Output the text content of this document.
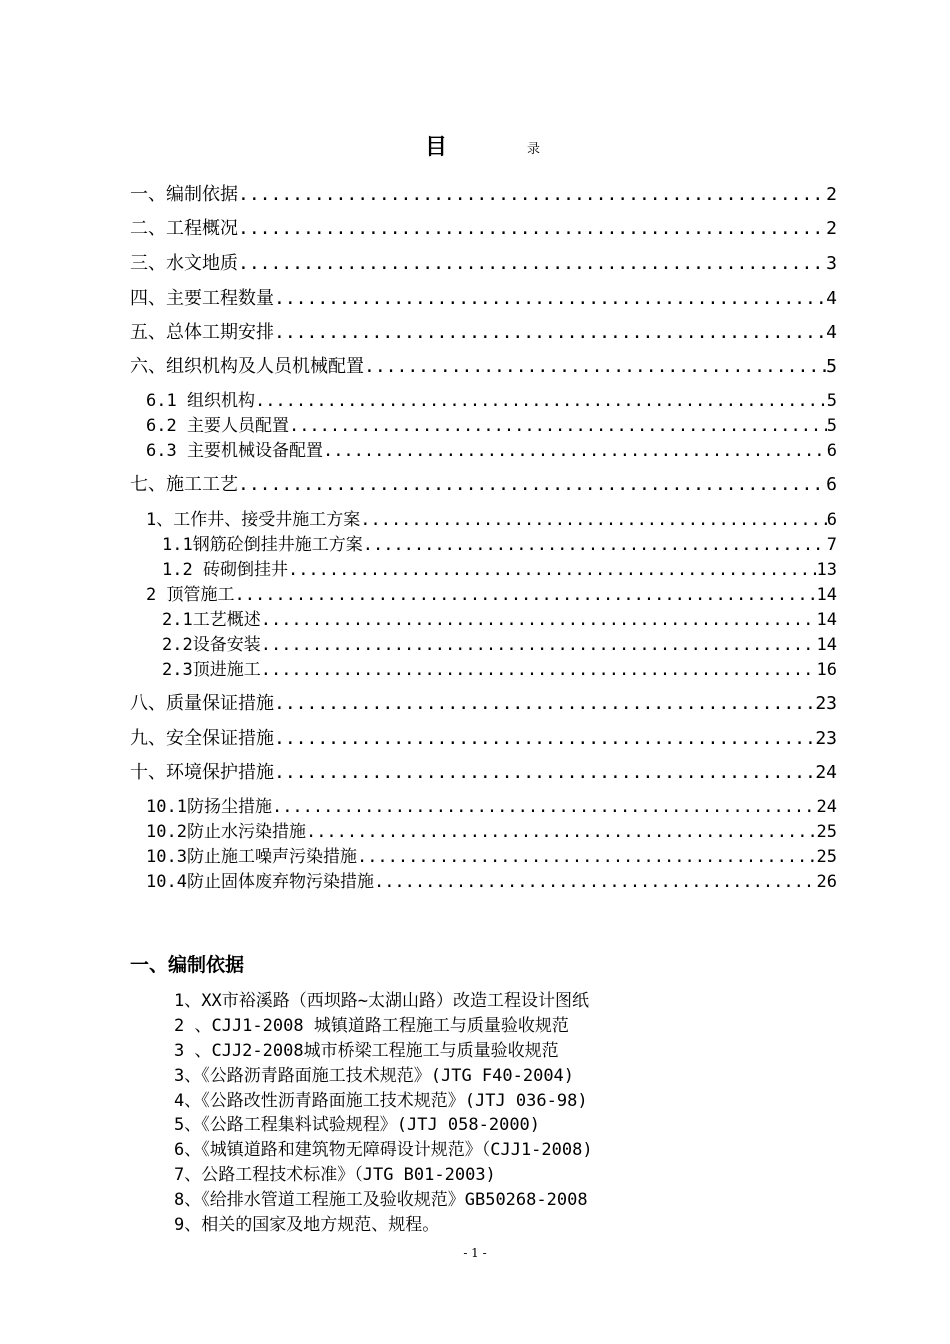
目	录
一、编制依据 .....	2
二、工程概况 .....	2
三、水文地质 .....	3
四、主要工程数量 .....	4
五、总体工期安排 .....	4
六、组织机构及人员机械配置 .....	5
6.1 组织机构 .....	5
6.2 主要人员配置 .....	5
6.3 主要机械设备配置 .....	6
七、施工工艺 .....	6
1、工作井、接受井施工方案 .....	6
1.1钢筋砼倒挂井施工方案 .....	7
1.2 砖砌倒挂井 .....	13
2 顶管施工 .....	14
2.1工艺概述 .....	14
2.2设备安装 .....	14
2.3顶进施工 .....	16
八、质量保证措施 .....	23
九、安全保证措施 .....	23
十、环境保护措施 .....	24
10.1防扬尘措施 .....	24
10.2防止水污染措施 .....	25
10.3防止施工噪声污染措施 .....	25
10.4防止固体废弃物污染措施 .....	26
一、编制依据
1、XX市裕溪路（西坝路~太湖山路）改造工程设计图纸
2 、CJJ1-2008 城镇道路工程施工与质量验收规范
3 、CJJ2-2008城市桥梁工程施工与质量验收规范
3、《公路沥青路面施工技术规范》(JTG F40-2004)
4、《公路改性沥青路面施工技术规范》(JTJ 036-98)
5、《公路工程集料试验规程》(JTJ 058-2000)
6、《城镇道路和建筑物无障碍设计规范》（CJJ1-2008)
7、公路工程技术标准》（JTG B01-2003)
8、《给排水管道工程施工及验收规范》GB50268-2008
9、相关的国家及地方规范、规程。
- 1 -
